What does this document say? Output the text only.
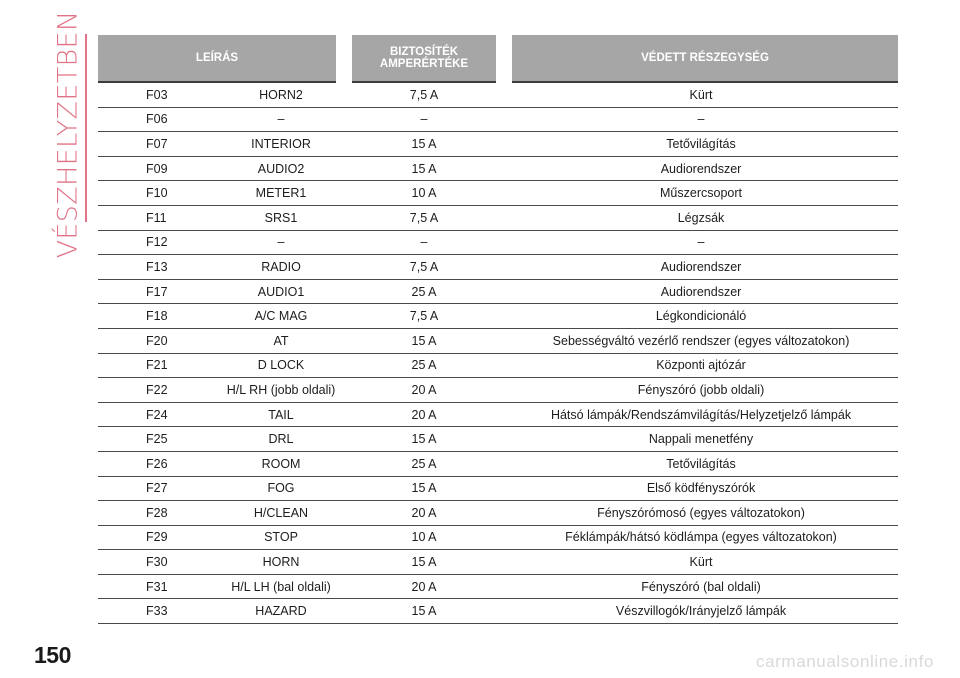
VÉSZHELYZETBEN	LEÍRÁS		BIZTOSÍTÉK
AMPERÉRTÉKE	VÉDETT RÉSZEGYSÉG
F03	HORN2	7,5 A	Kürt
F06	–	–	–
F07	INTERIOR	15 A	Tetővilágítás
F09	AUDIO2	15 A	Audiorendszer
F10	METER1	10 A	Műszercsoport
F11	SRS1	7,5 A	Légzsák
F12	–	–	–
F13	RADIO	7,5 A	Audiorendszer
F17	AUDIO1	25 A	Audiorendszer
F18	A/C MAG	7,5 A	Légkondicionáló
F20	AT	15 A	Sebességváltó vezérlő rendszer (egyes változatokon)
F21	D LOCK	25 A	Központi ajtózár
F22	H/L RH (jobb oldali)	20 A	Fényszóró (jobb oldali)
F24	TAIL	20 A	Hátsó lámpák/Rendszámvilágítás/Helyzetjelző lámpák
F25	DRL	15 A	Nappali menetfény
F26	ROOM	25 A	Tetővilágítás
F27	FOG	15 A	Első ködfényszórók
F28	H/CLEAN	20 A	Fényszórómosó (egyes változatokon)
F29	STOP	10 A	Féklámpák/hátsó ködlámpa (egyes változatokon)
F30	HORN	15 A	Kürt
F31	H/L LH (bal oldali)	20 A	Fényszóró (bal oldali)
F33	HAZARD	15 A	Vészvillogók/Irányjelző lámpák
150	carmanualsonline.info
